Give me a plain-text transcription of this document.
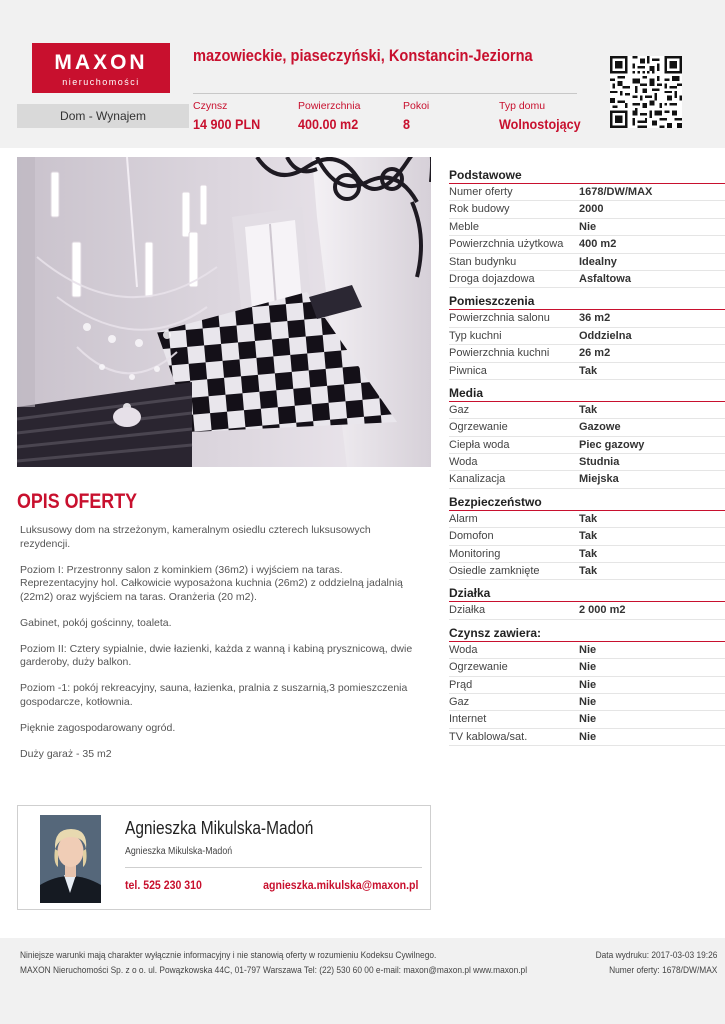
MAXON
nieruchomości
mazowieckie, piaseczyński, Konstancin-Jeziorna
Dom - Wynajem
Czynsz
14 900 PLN
Powierzchnia
400.00 m2
Pokoi
8
Typ domu
Wolnostojący
OPIS OFERTY

Luksusowy dom na strzeżonym, kameralnym osiedlu czterech luksusowych rezydencji.

Poziom I: Przestronny salon z kominkiem (36m2) i wyjściem na taras. Reprezentacyjny hol. Całkowicie wyposażona kuchnia (26m2) z oddzielną jadalnią (22m2) oraz wyjściem na taras. Oranżeria (20 m2).

Gabinet, pokój gościnny, toaleta.

Poziom II: Cztery sypialnie, dwie łazienki, każda z wanną i kabiną prysznicową, dwie garderoby, duży balkon.

Poziom -1: pokój rekreacyjny, sauna, łazienka, pralnia z suszarnią,3 pomieszczenia gospodarcze, kotłownia.

Pięknie zagospodarowany ogród.

Duży garaż - 35 m2

Agnieszka Mikulska-Madoń
Agnieszka Mikulska-Madoń
tel. 525 230 310	agnieszka.mikulska@maxon.pl
Podstawowe
Numer oferty	1678/DW/MAX
Rok budowy	2000
Meble	Nie
Powierzchnia użytkowa	400 m2
Stan budynku	Idealny
Droga dojazdowa	Asfaltowa
Pomieszczenia
Powierzchnia salonu	36 m2
Typ kuchni	Oddzielna
Powierzchnia kuchni	26 m2
Piwnica	Tak
Media
Gaz	Tak
Ogrzewanie	Gazowe
Ciepła woda	Piec gazowy
Woda	Studnia
Kanalizacja	Miejska
Bezpieczeństwo
Alarm	Tak
Domofon	Tak
Monitoring	Tak
Osiedle zamknięte	Tak
Działka
Działka	2 000 m2
Czynsz zawiera:
Woda	Nie
Ogrzewanie	Nie
Prąd	Nie
Gaz	Nie
Internet	Nie
TV kablowa/sat.	Nie
Niniejsze warunki mają charakter wyłącznie informacyjny i nie stanowią oferty w rozumieniu Kodeksu Cywilnego.
MAXON Nieruchomości Sp. z o o. ul. Powązkowska 44C, 01-797 Warszawa Tel: (22) 530 60 00 e-mail: maxon@maxon.pl www.maxon.pl
Data wydruku: 2017-03-03 19:26
Numer oferty: 1678/DW/MAX
